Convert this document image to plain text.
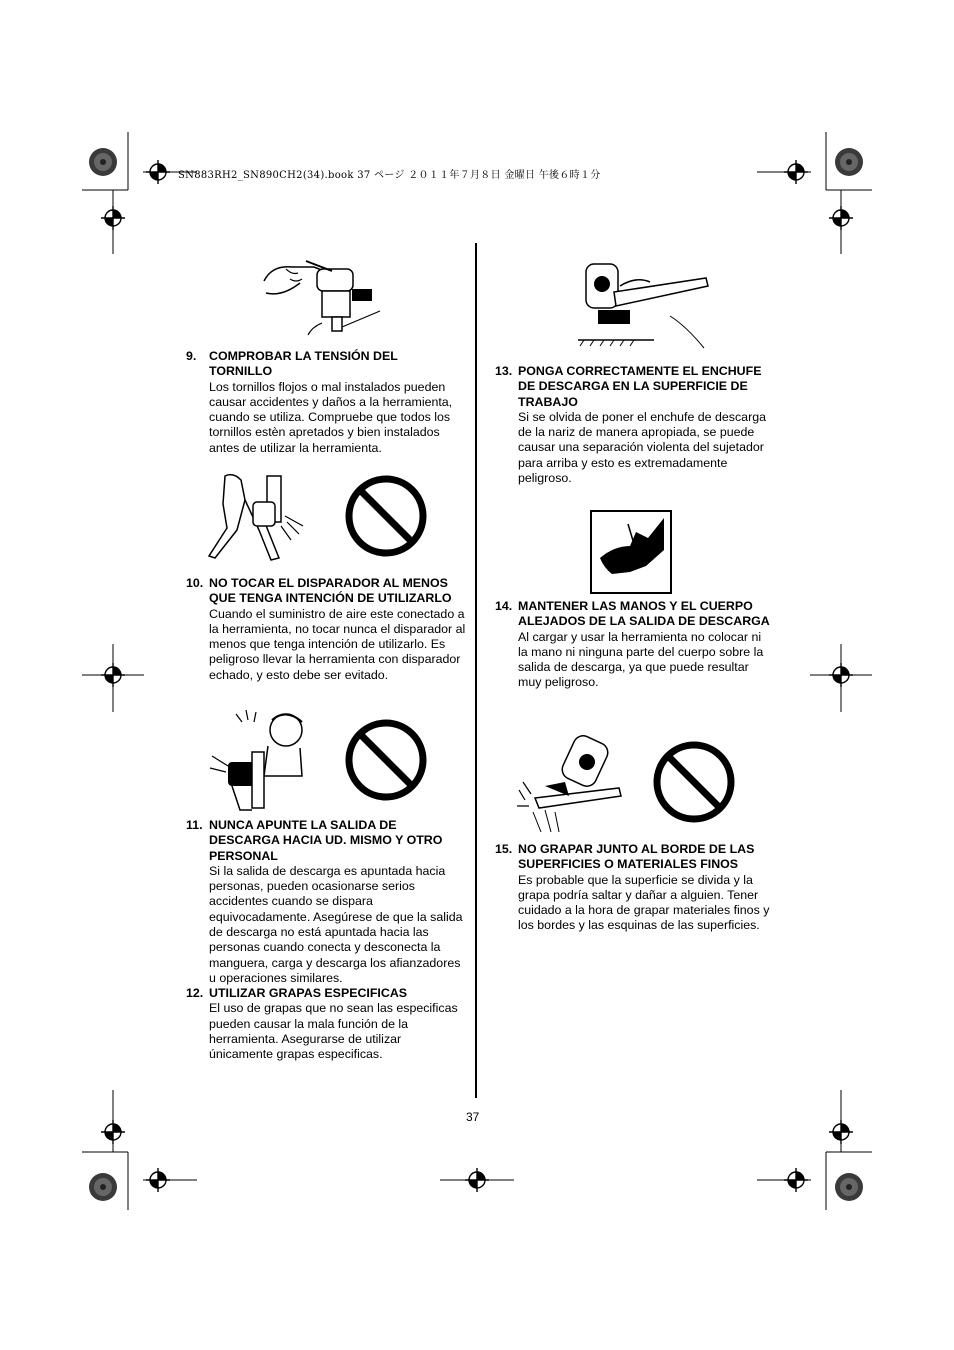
SN883RH2_SN890CH2(34).book 37 ページ ２０１１年７月８日 金曜日 午後６時１分
9. COMPROBAR LA TENSIÓN DEL TORNILLO
Los tornillos flojos o mal instalados pueden causar accidentes y daños a la herramienta, cuando se utiliza. Compruebe que todos los tornillos estèn apretados y bien instalados antes de utilizar la herramienta.
10. NO TOCAR EL DISPARADOR AL MENOS QUE TENGA INTENCIÓN DE UTILIZARLO
Cuando el suministro de aire este conectado a la herramienta, no tocar nunca el disparador al menos que tenga intención de utilizarlo. Es peligroso llevar la herramienta con disparador echado, y esto debe ser evitado.
11. NUNCA APUNTE LA SALIDA DE DESCARGA HACIA UD. MISMO Y OTRO PERSONAL
Si la salida de descarga es apuntada hacia personas, pueden ocasionarse serios accidentes cuando se dispara equivocadamente. Asegúrese de que la salida de descarga no está apuntada hacia las personas cuando conecta y desconecta la manguera, carga y descarga los afianzadores u operaciones similares.
12. UTILIZAR GRAPAS ESPECIFICAS
El uso de grapas que no sean las especificas pueden causar la mala función de la herramienta. Asegurarse de utilizar únicamente grapas especificas.
13. PONGA CORRECTAMENTE EL ENCHUFE DE DESCARGA EN LA SUPERFICIE DE TRABAJO
Si se olvida de poner el enchufe de descarga de la nariz de manera apropiada, se puede causar una separación violenta del sujetador para arriba y esto es extremadamente peligroso.
14. MANTENER LAS MANOS Y EL CUERPO ALEJADOS DE LA SALIDA DE DESCARGA
Al cargar y usar la herramienta no colocar ni la mano ni ninguna parte del cuerpo sobre la salida de descarga, ya que puede resultar muy peligroso.
15. NO GRAPAR JUNTO AL BORDE DE LAS SUPERFICIES O MATERIALES FINOS
Es probable que la superficie se divida y la grapa podría saltar y dañar a alguien. Tener cuidado a la hora de grapar materiales finos y los bordes y las esquinas de las superficies.
37
